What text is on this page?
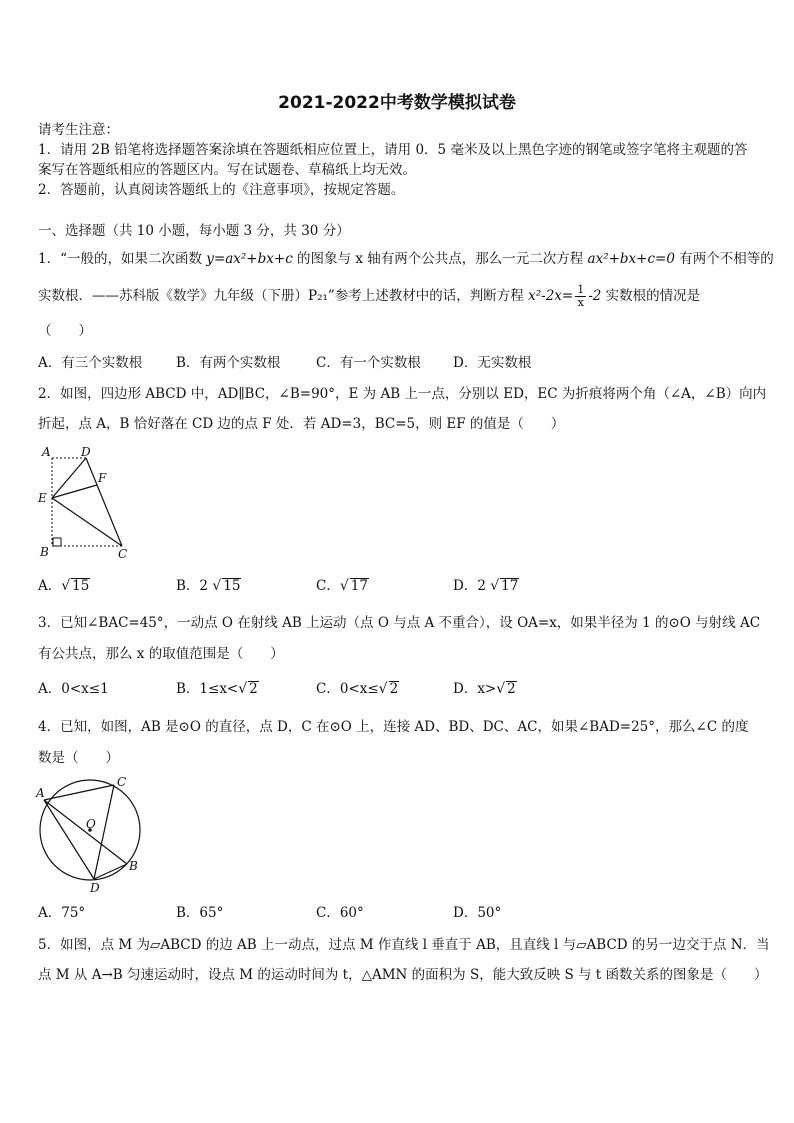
2021-2022中考数学模拟试卷
请考生注意：
1．请用 2B 铅笔将选择题答案涂填在答题纸相应位置上，请用 0．5 毫米及以上黑色字迹的钢笔或签字笔将主观题的答
案写在答题纸相应的答题区内。写在试题卷、草稿纸上均无效。
2．答题前，认真阅读答题纸上的《注意事项》，按规定答题。
一、选择题（共 10 小题，每小题 3 分，共 30 分）
1．“一般的，如果二次函数 y=ax²+bx+c 的图象与 x 轴有两个公共点，那么一元二次方程 ax²+bx+c=0 有两个不相等的
实数根．——苏科版《数学》九年级（下册）P₂₁”参考上述教材中的话，判断方程 $x^2-2x= \frac{1}{x} -2$ 实数根的情况是
（　　）
A．有三个实数根	B．有两个实数根	C．有一个实数根 D．无实数根
2．如图，四边形 ABCD 中，AD∥BC，∠B=90°，E 为 AB 上一点，分别以 ED，EC 为折痕将两个角（∠A，∠B）向内
折起，点 A，B 恰好落在 CD 边的点 F 处．若 AD=3，BC=5，则 EF 的值是（　　）
A	D
F
E
B	C
A．√ 15	B．2 √ 15	C．√ 17	D．2 √ 17
3．已知∠BAC=45°，一动点 O 在射线 AB 上运动（点 O 与点 A 不重合），设 OA=x，如果半径为 1 的⊙O 与射线 AC
有公共点，那么 x 的取值范围是（　　）
A．0<x≤1	B．1≤x<√ 2	C．0<x≤√ 2	D．x>√ 2
4．已知，如图，AB 是⊙O 的直径，点 D，C 在⊙O 上，连接 AD、BD、DC、AC，如果∠BAD=25°，那么∠C 的度
数是（　　）
A
C
O
B
D
A．75°	B．65°	C．60°	D．50°
5．如图，点 M 为▱ABCD 的边 AB 上一动点，过点 M 作直线 l 垂直于 AB，且直线 l 与▱ABCD 的另一边交于点 N．当
点 M 从 A→B 匀速运动时，设点 M 的运动时间为 t，△AMN 的面积为 S，能大致反映 S 与 t 函数关系的图象是（　　）
